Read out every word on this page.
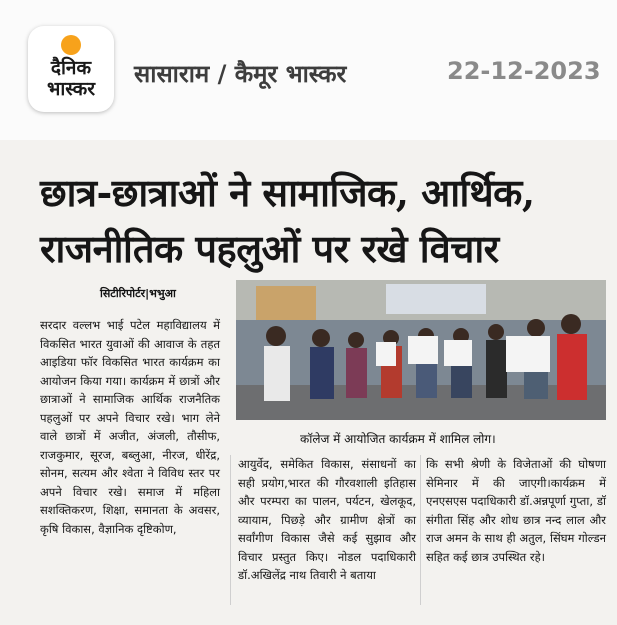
दैनिक
भास्कर
सासाराम / कैमूर भास्कर	22-12-2023
छात्र-छात्राओं ने सामाजिक, आर्थिक,
राजनीतिक पहलुओं पर रखे विचार
सिटीरिपोर्टर|भभुआ
कॉलेज में आयोजित कार्यक्रम में शामिल लोग।

सरदार वल्लभ भाई पटेल महाविद्यालय में विकसित भारत युवाओं की आवाज के तहत आइडिया फॉर विकसित भारत कार्यक्रम का आयोजन किया गया। कार्यक्रम में छात्रों और छात्राओं ने सामाजिक आर्थिक राजनैतिक पहलुओं पर अपने विचार रखे। भाग लेने वाले छात्रों में अजीत, अंजली, तौसीफ, राजकुमार, सूरज, बब्लुआ, नीरज, धीरेंद्र, सोनम, सत्यम और श्वेता ने विविध स्तर पर अपने विचार रखे। समाज में महिला सशक्तिकरण, शिक्षा, समानता के अवसर, कृषि विकास, वैज्ञानिक दृष्टिकोण,

आयुर्वेद, समेकित विकास, संसाधनों का सही प्रयोग,भारत की गौरवशाली इतिहास और परम्परा का पालन, पर्यटन, खेलकूद, व्यायाम, पिछड़े और ग्रामीण क्षेत्रों का सर्वांगीण विकास जैसे कई सुझाव और विचार प्रस्तुत किए। नोडल पदाधिकारी डॉ.अखिलेंद्र नाथ तिवारी ने बताया

कि सभी श्रेणी के विजेताओं की घोषणा सेमिनार में की जाएगी।कार्यक्रम में एनएसएस पदाधिकारी डॉ.अन्नपूर्णा गुप्ता, डॉ संगीता सिंह और शोध छात्र नन्द लाल और राज अमन के साथ ही अतुल, सिंघम गोल्डन सहित कई छात्र उपस्थित रहे।
